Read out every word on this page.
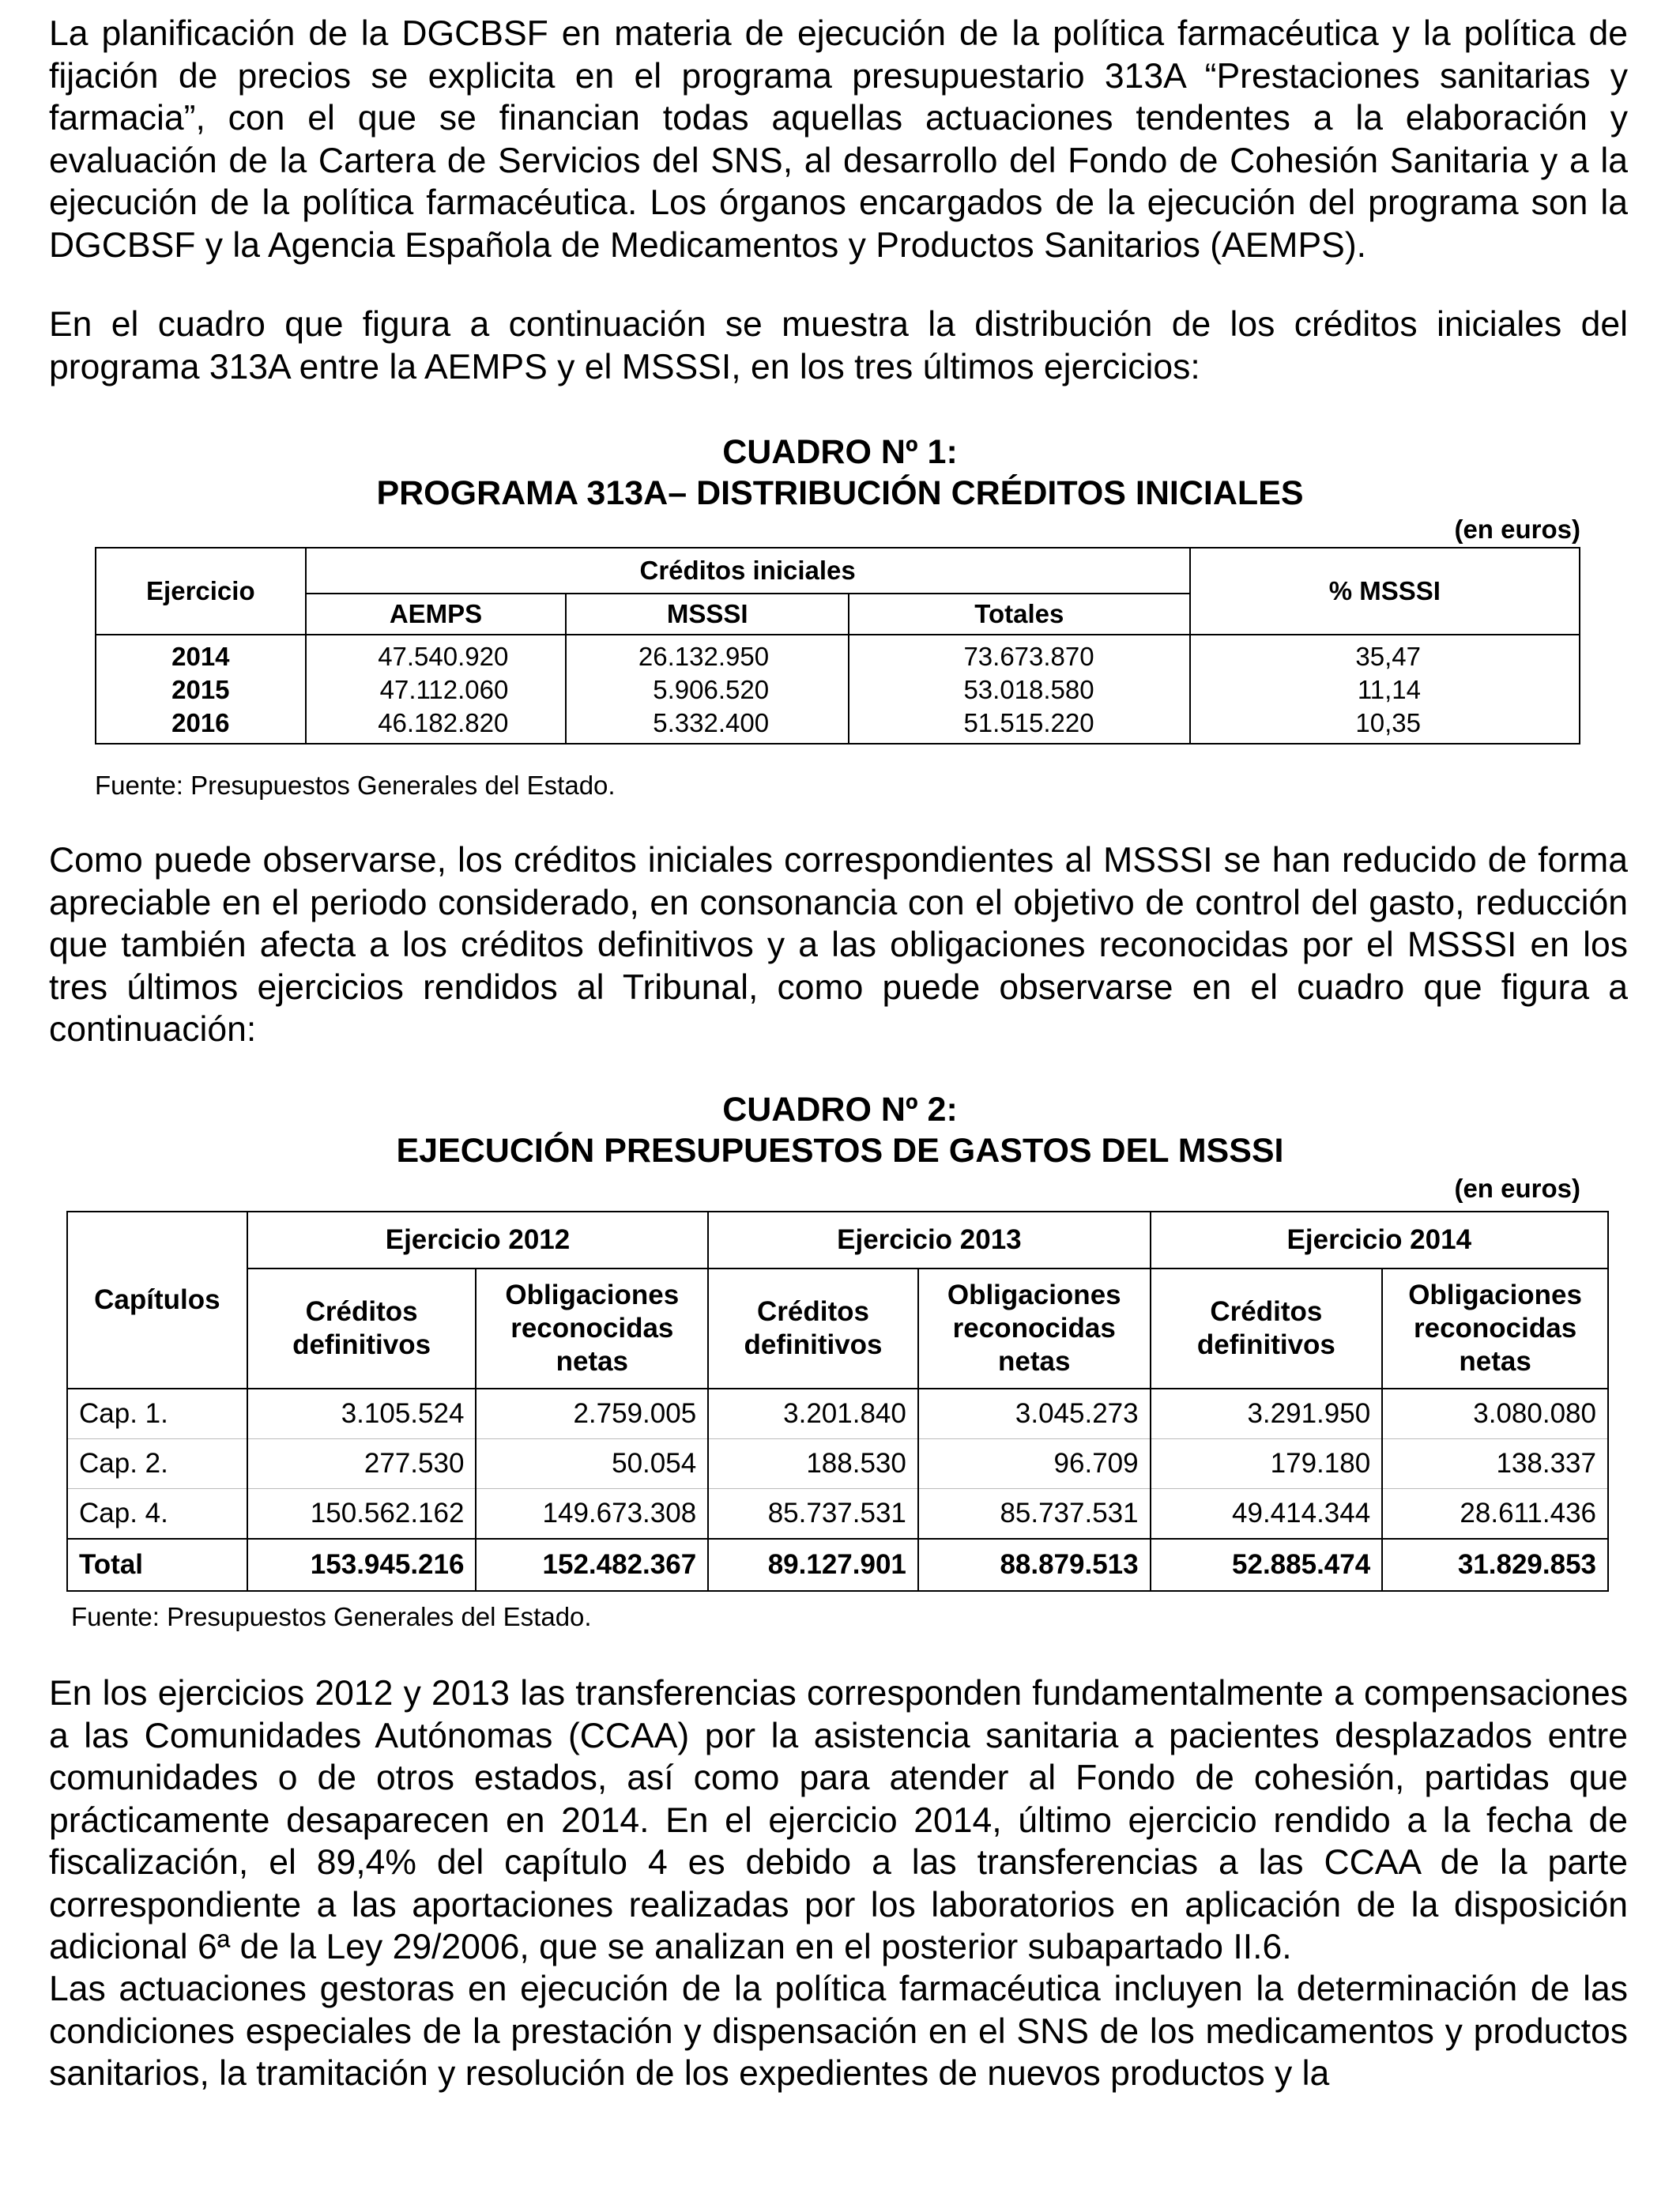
La planificación de la DGCBSF en materia de ejecución de la política farmacéutica y la política de fijación de precios se explicita en el programa presupuestario 313A “Prestaciones sanitarias y farmacia”, con el que se financian todas aquellas actuaciones tendentes a la elaboración y evaluación de la Cartera de Servicios del SNS, al desarrollo del Fondo de Cohesión Sanitaria y a la ejecución de la política farmacéutica. Los órganos encargados de la ejecución del programa son la DGCBSF y la Agencia Española de Medicamentos y Productos Sanitarios (AEMPS).

En el cuadro que figura a continuación se muestra la distribución de los créditos iniciales del programa 313A entre la AEMPS y el MSSSI, en los tres últimos ejercicios:

CUADRO Nº 1:
PROGRAMA 313A– DISTRIBUCIÓN CRÉDITOS INICIALES
(en euros)
Ejercicio	Créditos iniciales			% MSSSI
	AEMPS	MSSSI	Totales	
2014	47.540.920	26.132.950	73.673.870	35,47
2015	47.112.060	5.906.520	53.018.580	11,14
2016	46.182.820	5.332.400	51.515.220	10,35
Fuente: Presupuestos Generales del Estado.

Como puede observarse, los créditos iniciales correspondientes al MSSSI se han reducido de forma apreciable en el periodo considerado, en consonancia con el objetivo de control del gasto, reducción que también afecta a los créditos definitivos y a las obligaciones reconocidas por el MSSSI en los tres últimos ejercicios rendidos al Tribunal, como puede observarse en el cuadro que figura a continuación:

CUADRO Nº 2:
EJECUCIÓN PRESUPUESTOS DE GASTOS DEL MSSSI
(en euros)
Capítulos	Ejercicio 2012		Ejercicio 2013		Ejercicio 2014	
	Créditos definitivos	Obligaciones reconocidas netas	Créditos definitivos	Obligaciones reconocidas netas	Créditos definitivos	Obligaciones reconocidas netas
Cap. 1.	3.105.524	2.759.005	3.201.840	3.045.273	3.291.950	3.080.080
Cap. 2.	277.530	50.054	188.530	96.709	179.180	138.337
Cap. 4.	150.562.162	149.673.308	85.737.531	85.737.531	49.414.344	28.611.436
Total	153.945.216	152.482.367	89.127.901	88.879.513	52.885.474	31.829.853
Fuente: Presupuestos Generales del Estado.

En los ejercicios 2012 y 2013 las transferencias corresponden fundamentalmente a compensaciones a las Comunidades Autónomas (CCAA) por la asistencia sanitaria a pacientes desplazados entre comunidades o de otros estados, así como para atender al Fondo de cohesión, partidas que prácticamente desaparecen en 2014. En el ejercicio 2014, último ejercicio rendido a la fecha de fiscalización, el 89,4% del capítulo 4 es debido a las transferencias a las CCAA de la parte correspondiente a las aportaciones realizadas por los laboratorios en aplicación de la disposición adicional 6ª de la Ley 29/2006, que se analizan en el posterior subapartado II.6.

Las actuaciones gestoras en ejecución de la política farmacéutica incluyen la determinación de las condiciones especiales de la prestación y dispensación en el SNS de los medicamentos y productos sanitarios, la tramitación y resolución de los expedientes de nuevos productos y la
